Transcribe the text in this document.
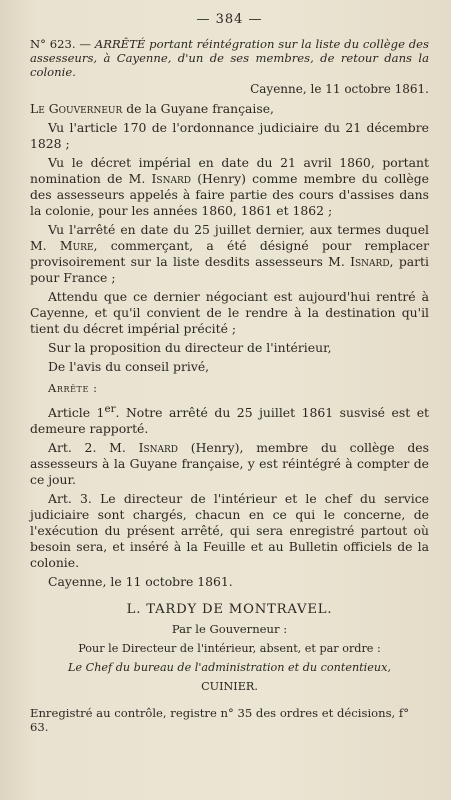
— 384 —

N° 623. — ARRÊTÉ portant réintégration sur la liste du collège des assesseurs, à Cayenne, d'un de ses membres, de retour dans la colonie.

Cayenne, le 11 octobre 1861.

Le Gouverneur de la Guyane française,

Vu l'article 170 de l'ordonnance judiciaire du 21 décembre 1828 ;

Vu le décret impérial en date du 21 avril 1860, portant nomination de M. Isnard (Henry) comme membre du collège des assesseurs appelés à faire partie des cours d'assises dans la colonie, pour les années 1860, 1861 et 1862 ;

Vu l'arrêté en date du 25 juillet dernier, aux termes duquel M. Mure, commerçant, a été désigné pour remplacer provisoirement sur la liste desdits assesseurs M. Isnard, parti pour France ;

Attendu que ce dernier négociant est aujourd'hui rentré à Cayenne, et qu'il convient de le rendre à la destination qu'il tient du décret impérial précité ;

Sur la proposition du directeur de l'intérieur,

De l'avis du conseil privé,

Arrête :

Article 1er. Notre arrêté du 25 juillet 1861 susvisé est et demeure rapporté.

Art. 2. M. Isnard (Henry), membre du collège des assesseurs à la Guyane française, y est réintégré à compter de ce jour.

Art. 3. Le directeur de l'intérieur et le chef du service judiciaire sont chargés, chacun en ce qui le concerne, de l'exécution du présent arrêté, qui sera enregistré partout où besoin sera, et inséré à la Feuille et au Bulletin officiels de la colonie.

Cayenne, le 11 octobre 1861.

L. TARDY DE MONTRAVEL.
Par le Gouverneur :
Pour le Directeur de l'intérieur, absent, et par ordre :
Le Chef du bureau de l'administration et du contentieux,
CUINIER.
Enregistré au contrôle, registre n° 35 des ordres et décisions, f° 63.
